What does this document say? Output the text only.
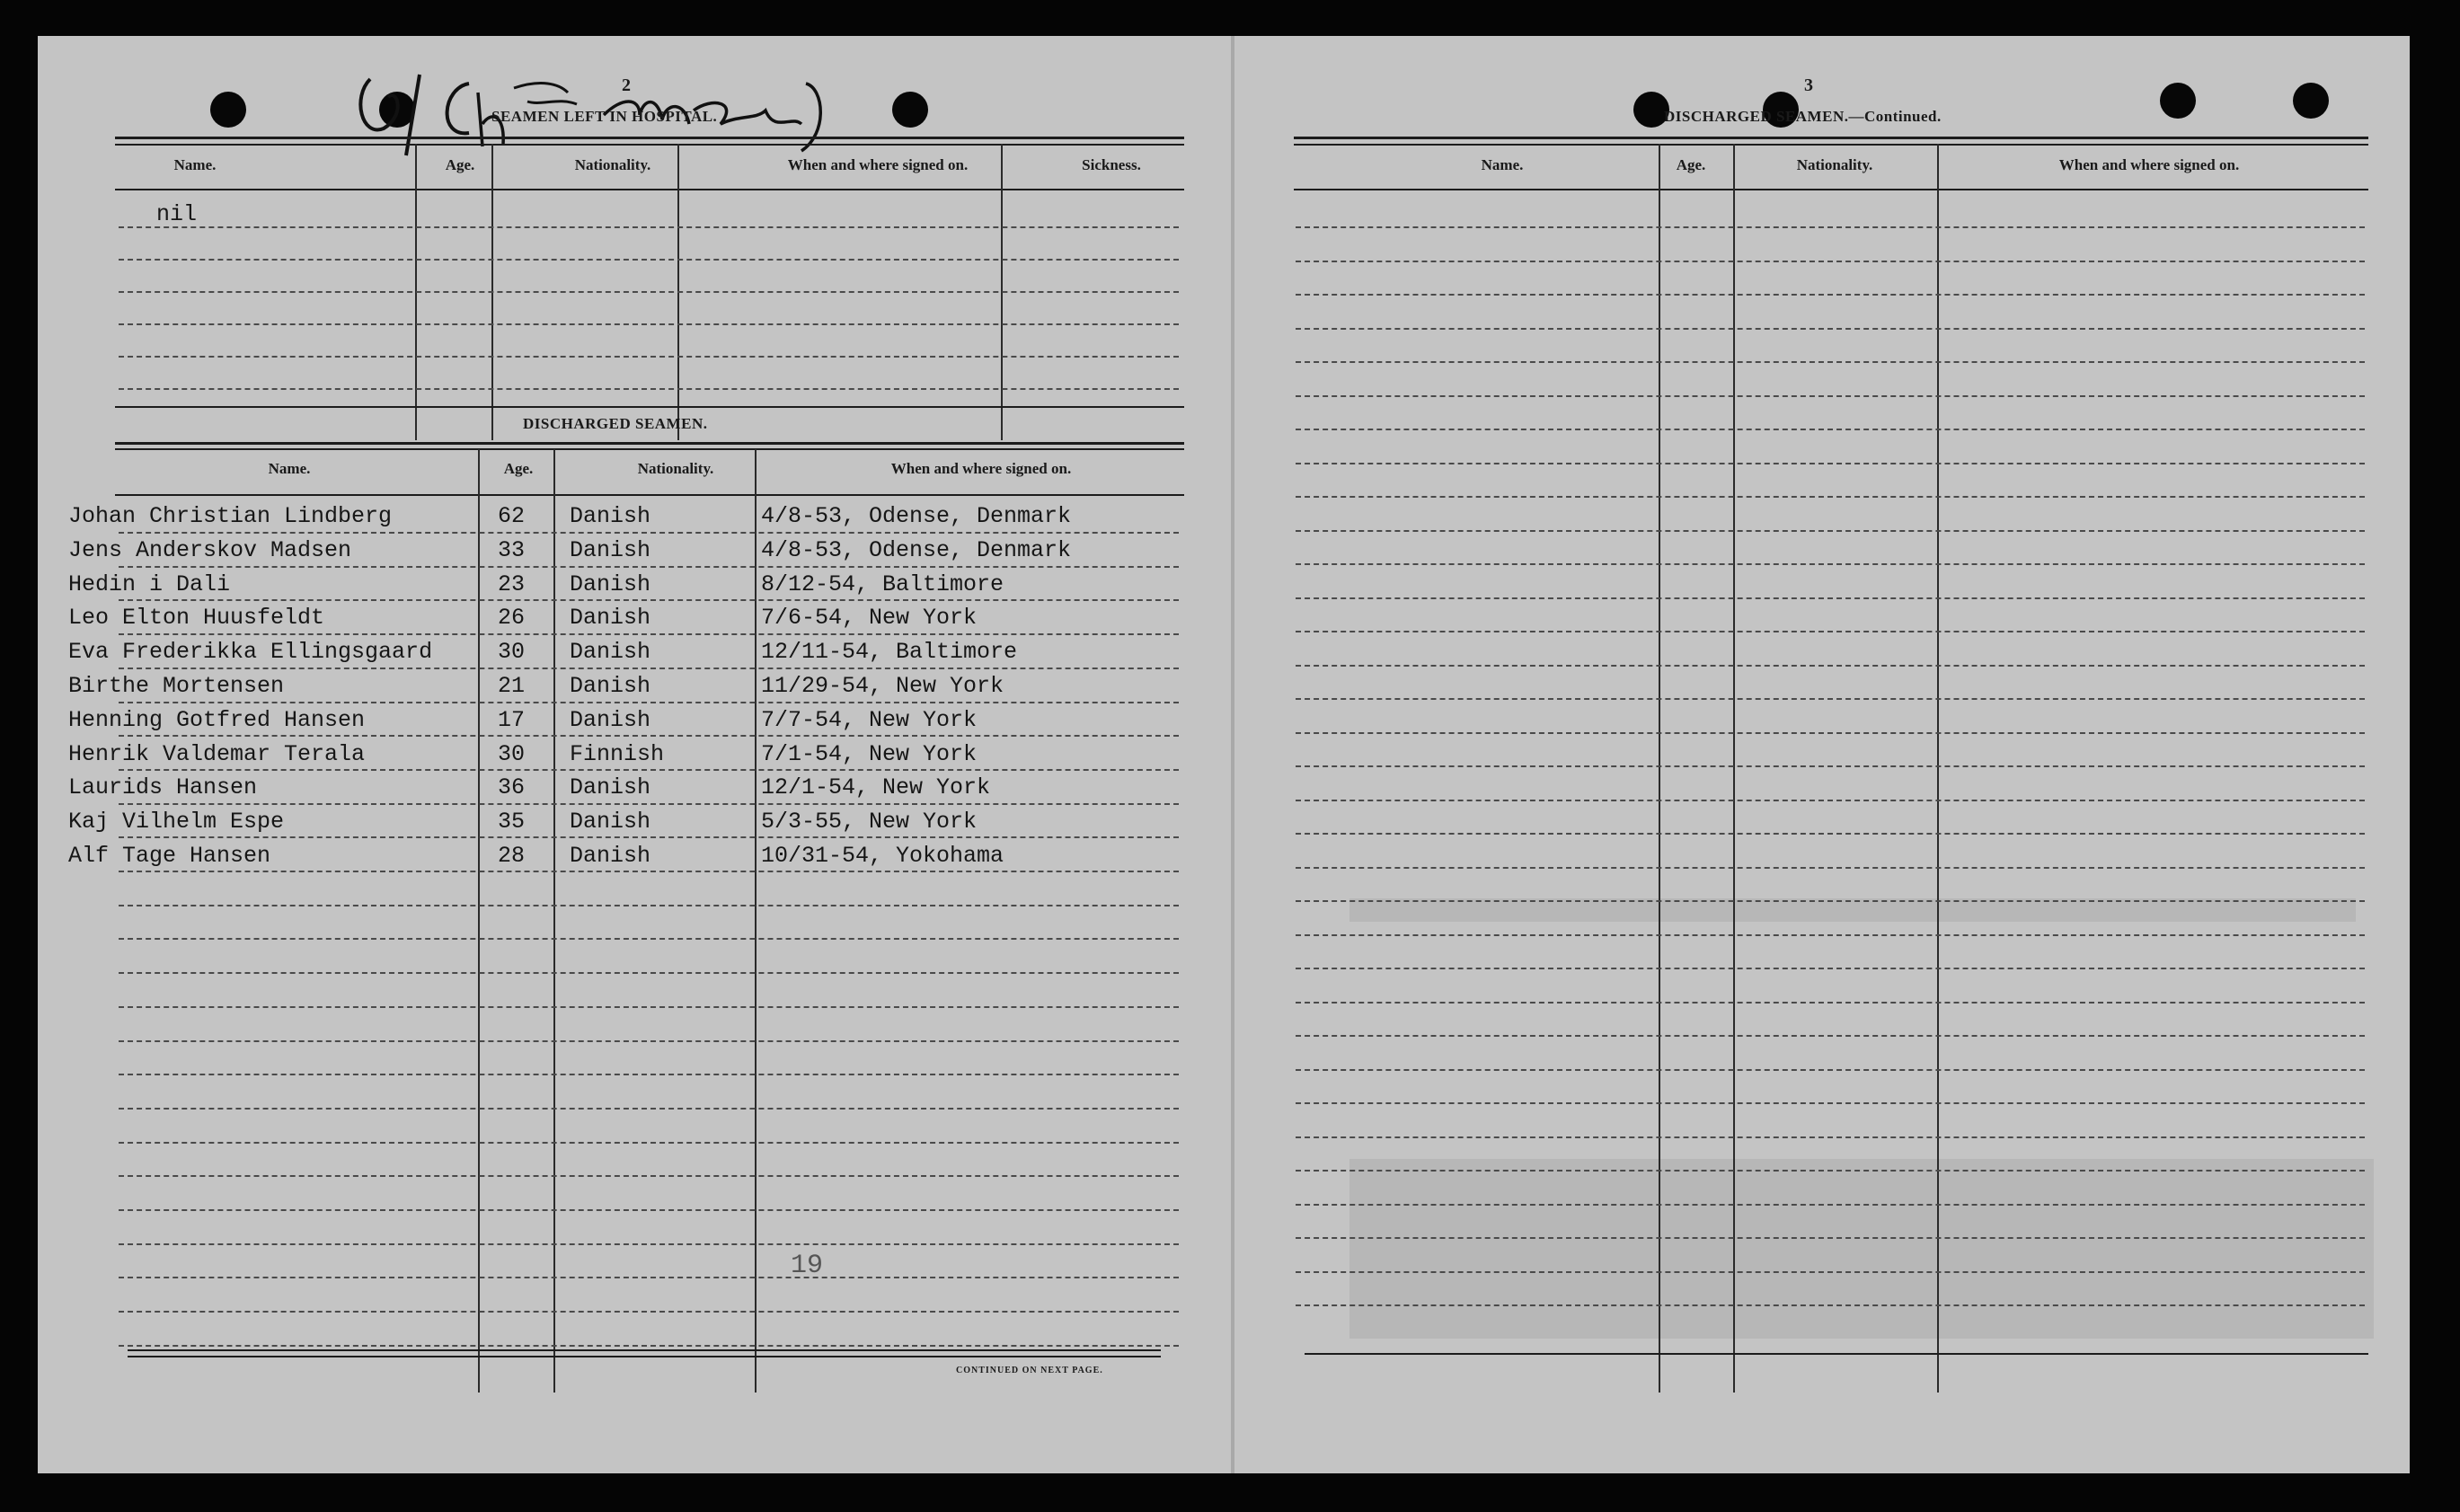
2
SEAMEN LEFT IN HOSPITAL.
Name.	Age.	Nationality.	When and where signed on.	Sickness.
nil
DISCHARGED SEAMEN.
Name.	Age.	Nationality.	When and where signed on.
Johan Christian Lindberg	62 Danish	4/8-53, Odense, Denmark
Jens Anderskov Madsen	33 Danish	4/8-53, Odense, Denmark
Hedin i Dali	23 Danish	8/12-54, Baltimore
Leo Elton Huusfeldt	26 Danish	7/6-54, New York
Eva Frederikka Ellingsgaard	30 Danish	12/11-54, Baltimore
Birthe Mortensen	21 Danish	11/29-54, New York
Henning Gotfred Hansen	17 Danish	7/7-54, New York
Henrik Valdemar Terala	30 Finnish	7/1-54, New York
Laurids Hansen	36 Danish	12/1-54, New York
Kaj Vilhelm Espe	35 Danish	5/3-55, New York
Alf Tage Hansen	28 Danish	10/31-54, Yokohama
19
CONTINUED ON NEXT PAGE.
3
DISCHARGED SEAMEN.—Continued.
Name.	Age.	Nationality.	When and where signed on.
